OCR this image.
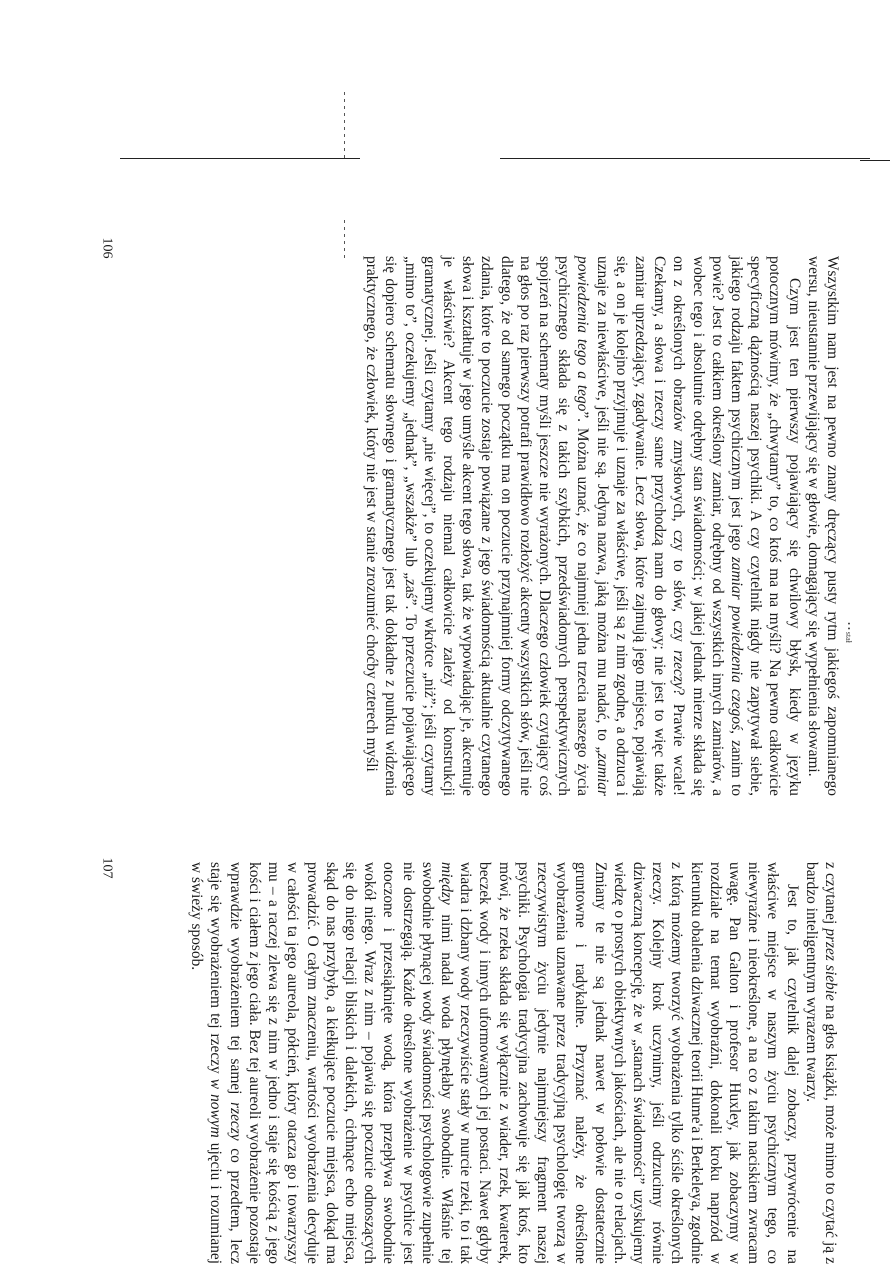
Wszystkim nam jest na pewno znany dręczący pusty rytm jakiegoś zapomnianego wersu, nieustannie przewijający się w głowie, domagający się wypełnienia słowami.

Czym jest ten pierwszy pojawiający się chwilowy błysk, kiedy w języku potocznym mówimy, że „chwytamy” to, co ktoś ma na myśli? Na pewno całkowicie specyficzną dążnością naszej psychiki. A czy czytelnik nigdy nie zapytywał siebie, jakiego rodzaju faktem psychicznym jest jego zamiar powiedzenia czegoś, zanim to powie? Jest to całkiem określony zamiar, odrębny od wszystkich innych zamiarów, a wobec tego i absolutnie odrębny stan świadomości; w jakiej jednak mierze składa się on z określonych obrazów zmysłowych, czy to słów, czy rzeczy? Prawie wcale! Czekamy, a słowa i rzeczy same przychodzą nam do głowy; nie jest to więc także zamiar uprzedzający, zgadywanie. Lecz słowa, które zajmują jego miejsce, pojawiają się, a on je kolejno przyjmuje i uznaje za właściwe, jeśli są z nim zgodne, a odrzuca i uznaje za niewłaściwe, jeśli nie są. Jedyna nazwa, jaką można mu nadać, to „zamiar powiedzenia tego a tego”. Można uznać, że co najmniej jedna trzecia naszego życia psychicznego składa się z takich szybkich, przedświadomych perspektywicznych spojrzeń na schematy myśli jeszcze nie wyrażonych. Dlaczego człowiek czytający coś na głos po raz pierwszy potrafi prawidłowo rozłożyć akcenty wszystkich słów, jeśli nie dlatego, że od samego początku ma on poczucie przynajmniej formy odczytywanego zdania, które to poczucie zostaje powiązane z jego świadomością aktualnie czytanego słowa i kształtuje w jego umyśle akcent tego słowa, tak że wypowiadając je, akcentuje je właściwie? Akcent tego rodzaju niemal całkowicie zależy od konstrukcji gramatycznej. Jeśli czytamy „nie więcej”, to oczekujemy wkrótce „niż”; jeśli czytamy „mimo to”, oczekujemy „jednak”, „wszakże” lub „zaś”. To przeczucie pojawiającego się dopiero schematu słownego i gramatycznego jest tak dokładne z punktu widzenia praktycznego, że człowiek, który nie jest w stanie zrozumieć choćby czterech myśli

z czytanej przez siebie na głos książki, może mimo to czytać ją z bardzo inteligentnym wyrazem twarzy.

Jest to, jak czytelnik dalej zobaczy, przywrócenie na właściwe miejsce w naszym życiu psychicznym tego, co niewyraźne i nieokreślone, a na co z takim naciskiem zwracam uwagę. Pan Galton i profesor Huxley, jak zobaczymy w rozdziale na temat wyobraźni, dokonali kroku naprzód w kierunku obalenia dziwacznej teorii Hume'a i Berkeleya, zgodnie z którą możemy tworzyć wyobrażenia tylko ściśle określonych rzeczy. Kolejny krok uczynimy, jeśli odrzucimy równie dziwaczną koncepcję, że w „stanach świadomości” uzyskujemy wiedzę o prostych obiektywnych jakościach, ale nie o relacjach. Zmiany te nie są jednak nawet w połowie dostatecznie gruntowne i radykalne. Przyznać należy, że określone wyobrażenia uznawane przez tradycyjną psychologię tworzą w rzeczywistym życiu jedynie najmniejszy fragment naszej psychiki. Psychologia tradycyjna zachowuje się jak ktoś, kto mówi, że rzeka składa się wyłącznie z wiader, rzek, kwaterek, beczek wody i innych uformowanych jej postaci. Nawet gdyby wiadra i dzbany wody rzeczywiście stały w nurcie rzeki, to i tak między nimi nadal woda płynęłaby swobodnie. Właśnie tej swobodnie płynącej wody świadomości psychologowie zupełnie nie dostrzegają. Każde określone wyobrażenie w psychice jest otoczone i przesiąknięte wodą, która przepływa swobodnie wokół niego. Wraz z nim – pojawia się poczucie odnoszących się do niego relacji bliskich i dalekich, cichnące echo miejsca, skąd do nas przybyło, a kiełkujące poczucie miejsca, dokąd ma prowadzić. O całym znaczeniu, wartości wyobrażenia decyduje w całości ta jego aureola, półcień, który otacza go i towarzyszy mu – a raczej zlewa się z nim w jedno i staje się kością z jego kości i ciałem z jego ciała. Bez tej aureoli wyobrażenie pozostaje wprawdzie wyobrażeniem tej samej rzeczy co przedtem, lecz staje się wyobrażeniem tej rzeczy w nowym ujęciu i rozumianej w świeży sposób.

106
107
• • stał
